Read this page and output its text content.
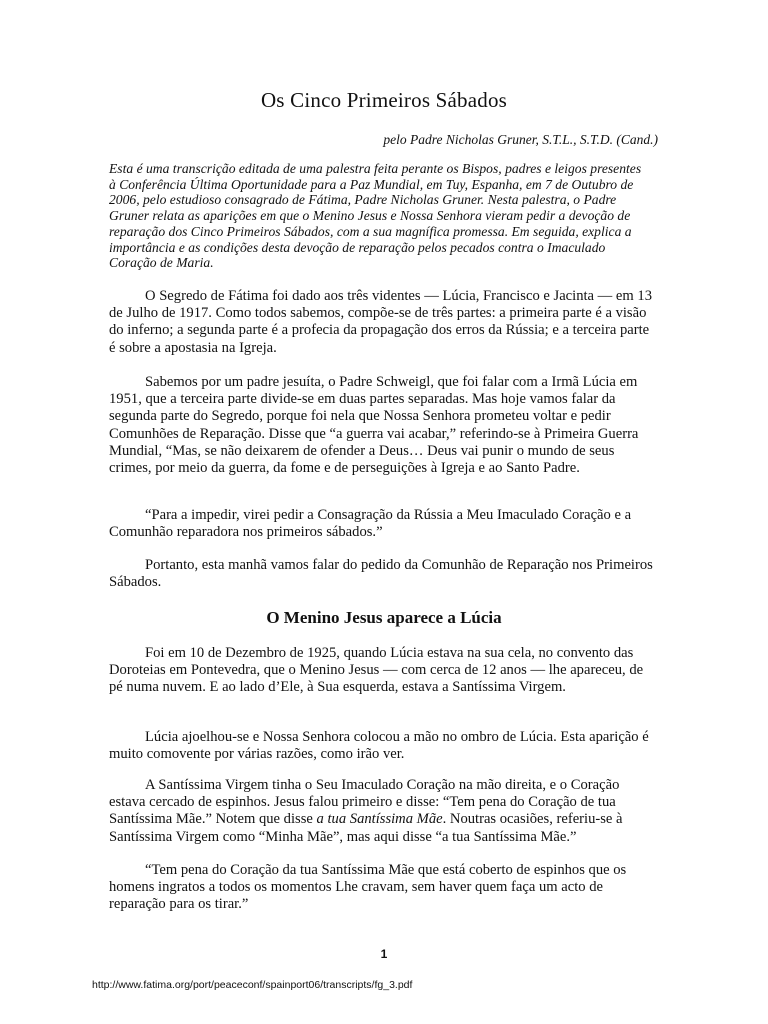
Os Cinco Primeiros Sábados

pelo Padre Nicholas Gruner, S.T.L., S.T.D. (Cand.)

Esta é uma transcrição editada de uma palestra feita perante os Bispos, padres e leigos presentes à Conferência Última Oportunidade para a Paz Mundial, em Tuy, Espanha, em 7 de Outubro de 2006, pelo estudioso consagrado de Fátima, Padre Nicholas Gruner. Nesta palestra, o Padre Gruner relata as aparições em que o Menino Jesus e Nossa Senhora vieram pedir a devoção de reparação dos Cinco Primeiros Sábados, com a sua magnífica promessa. Em seguida, explica a importância e as condições desta devoção de reparação pelos pecados contra o Imaculado Coração de Maria.

O Segredo de Fátima foi dado aos três videntes — Lúcia, Francisco e Jacinta — em 13 de Julho de 1917. Como todos sabemos, compõe-se de três partes: a primeira parte é a visão do inferno; a segunda parte é a profecia da propagação dos erros da Rússia; e a terceira parte é sobre a apostasia na Igreja.

Sabemos por um padre jesuíta, o Padre Schweigl, que foi falar com a Irmã Lúcia em 1951, que a terceira parte divide-se em duas partes separadas. Mas hoje vamos falar da segunda parte do Segredo, porque foi nela que Nossa Senhora prometeu voltar e pedir Comunhões de Reparação. Disse que “a guerra vai acabar,” referindo-se à Primeira Guerra Mundial, “Mas, se não deixarem de ofender a Deus… Deus vai punir o mundo de seus crimes, por meio da guerra, da fome e de perseguições à Igreja e ao Santo Padre.

“Para a impedir, virei pedir a Consagração da Rússia a Meu Imaculado Coração e a Comunhão reparadora nos primeiros sábados.”

Portanto, esta manhã vamos falar do pedido da Comunhão de Reparação nos Primeiros Sábados.

O Menino Jesus aparece a Lúcia

Foi em 10 de Dezembro de 1925, quando Lúcia estava na sua cela, no convento das Doroteias em Pontevedra, que o Menino Jesus — com cerca de 12 anos — lhe apareceu, de pé numa nuvem. E ao lado d’Ele, à Sua esquerda, estava a Santíssima Virgem.

Lúcia ajoelhou-se e Nossa Senhora colocou a mão no ombro de Lúcia. Esta aparição é muito comovente por várias razões, como irão ver.

A Santíssima Virgem tinha o Seu Imaculado Coração na mão direita, e o Coração estava cercado de espinhos. Jesus falou primeiro e disse: “Tem pena do Coração de tua Santíssima Mãe.” Notem que disse a tua Santíssima Mãe. Noutras ocasiões, referiu-se à Santíssima Virgem como “Minha Mãe”, mas aqui disse “a tua Santíssima Mãe.”

“Tem pena do Coração da tua Santíssima Mãe que está coberto de espinhos que os homens ingratos a todos os momentos Lhe cravam, sem haver quem faça um acto de reparação para os tirar.”

1
http://www.fatima.org/port/peaceconf/spainport06/transcripts/fg_3.pdf
